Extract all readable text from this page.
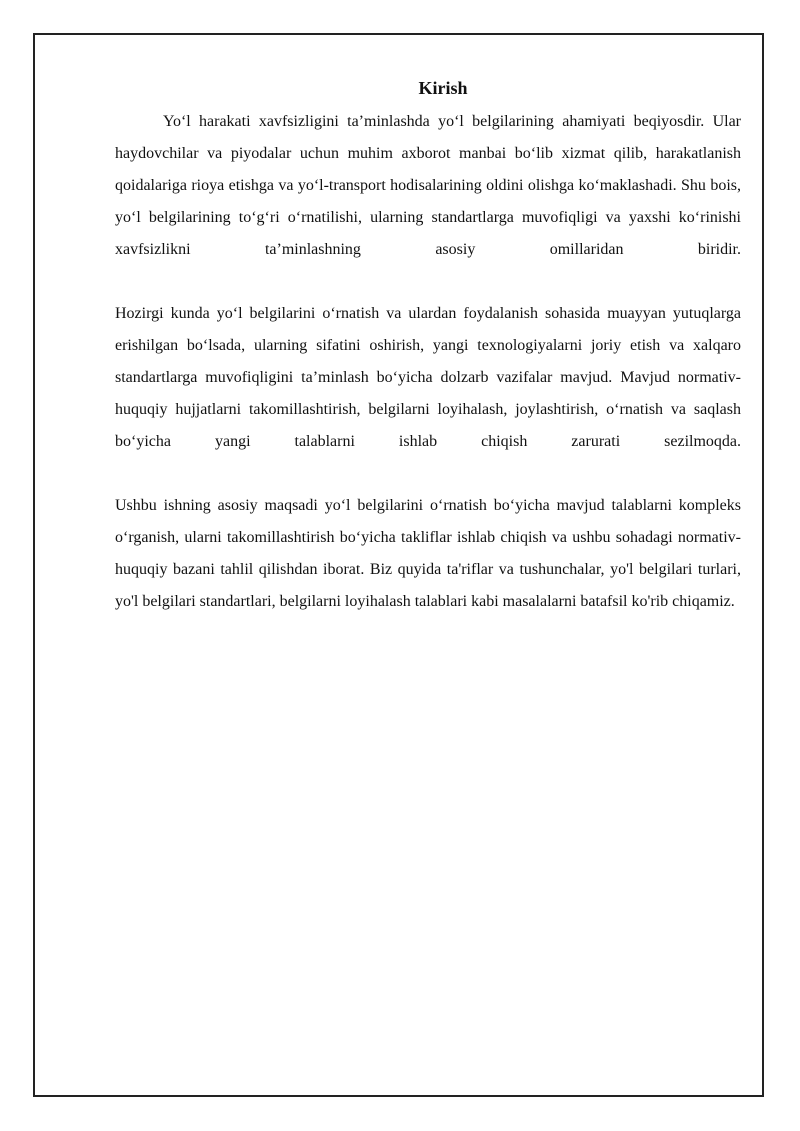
Kirish

Yo‘l harakati xavfsizligini ta’minlashda yo‘l belgilarining ahamiyati beqiyosdir. Ular haydovchilar va piyodalar uchun muhim axborot manbai bo‘lib xizmat qilib, harakatlanish qoidalariga rioya etishga va yo‘l-transport hodisalarining oldini olishga ko‘maklashadi. Shu bois, yo‘l belgilarining to‘g‘ri o‘rnatilishi, ularning standartlarga muvofiqligi va yaxshi ko‘rinishi xavfsizlikni ta’minlashning asosiy omillaridan biridir.

Hozirgi kunda yo‘l belgilarini o‘rnatish va ulardan foydalanish sohasida muayyan yutuqlarga erishilgan bo‘lsada, ularning sifatini oshirish, yangi texnologiyalarni joriy etish va xalqaro standartlarga muvofiqligini ta’minlash bo‘yicha dolzarb vazifalar mavjud. Mavjud normativ-huquqiy hujjatlarni takomillashtirish, belgilarni loyihalash, joylashtirish, o‘rnatish va saqlash bo‘yicha yangi talablarni ishlab chiqish zarurati sezilmoqda.

Ushbu ishning asosiy maqsadi yo‘l belgilarini o‘rnatish bo‘yicha mavjud talablarni kompleks o‘rganish, ularni takomillashtirish bo‘yicha takliflar ishlab chiqish va ushbu sohadagi normativ-huquqiy bazani tahlil qilishdan iborat. Biz quyida ta'riflar va tushunchalar, yo'l belgilari turlari, yo'l belgilari standartlari, belgilarni loyihalash talablari kabi masalalarni batafsil ko'rib chiqamiz.
